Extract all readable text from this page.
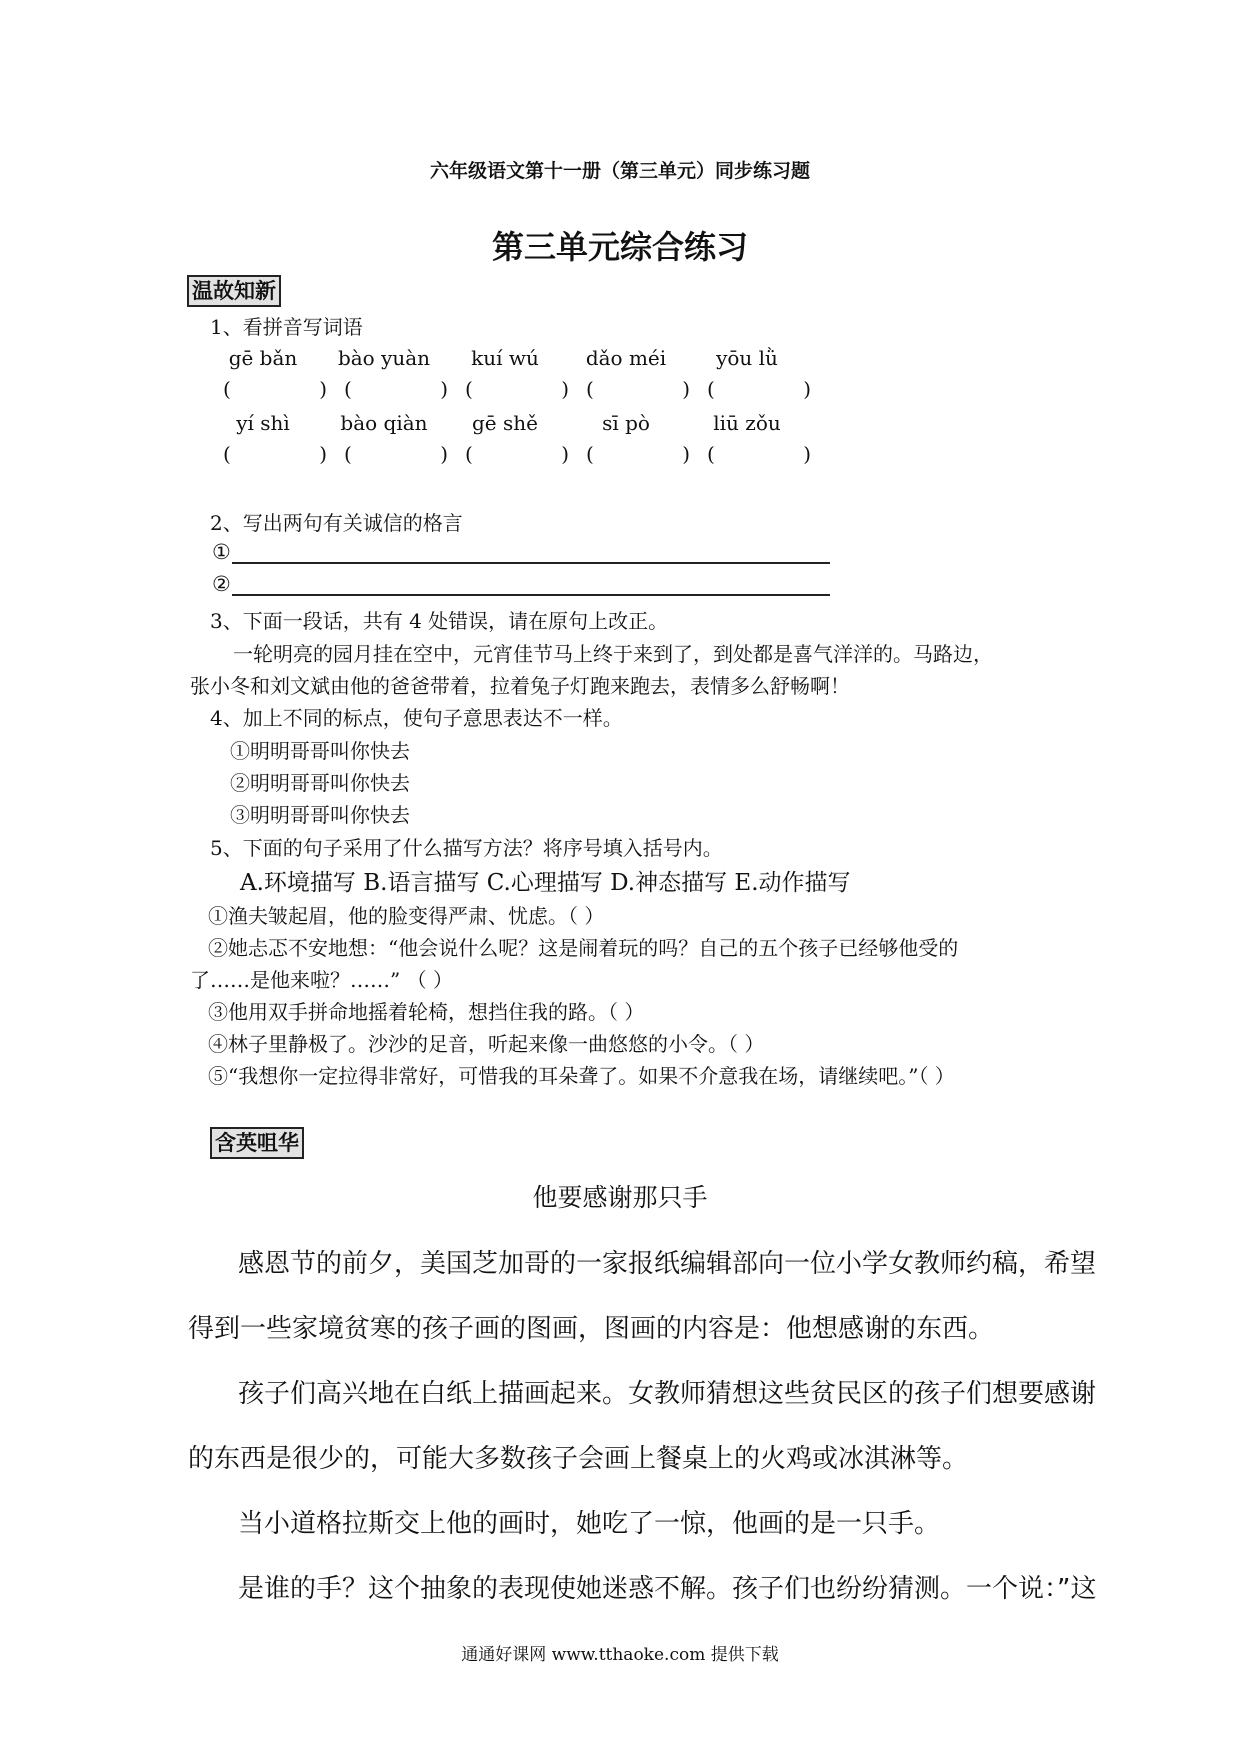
六年级语文第十一册（第三单元）同步练习题
第三单元综合练习
温故知新
1、看拼音写词语
gē bǎn	bào yuàn	kuí wú	dǎo méi	yōu lǜ
(	) (	) (	) (	) (	)
yí shì	bào qiàn	gē shě	sī pò	liū zǒu
(	) (	) (	) (	) (	)
2、写出两句有关诚信的格言
①
②
3、下面一段话，共有 4 处错误，请在原句上改正。
一轮明亮的园月挂在空中，元宵佳节马上终于来到了，到处都是喜气洋洋的。马路边，
张小冬和刘文斌由他的爸爸带着，拉着兔子灯跑来跑去，表情多么舒畅啊！
4、加上不同的标点，使句子意思表达不一样。
①明明哥哥叫你快去
②明明哥哥叫你快去
③明明哥哥叫你快去
5、下面的句子采用了什么描写方法？将序号填入括号内。
A.环境描写 B.语言描写 C.心理描写 D.神态描写 E.动作描写
①渔夫皱起眉，他的脸变得严肃、忧虑。（ ）
②她忐忑不安地想：“他会说什么呢？这是闹着玩的吗？自己的五个孩子已经够他受的
了……是他来啦？……” （ ）
③他用双手拼命地摇着轮椅，想挡住我的路。（ ）
④林子里静极了。沙沙的足音，听起来像一曲悠悠的小令。（ ）
⑤“我想你一定拉得非常好，可惜我的耳朵聋了。如果不介意我在场，请继续吧。”（ ）
含英咀华
他要感谢那只手
感恩节的前夕，美国芝加哥的一家报纸编辑部向一位小学女教师约稿，希望
得到一些家境贫寒的孩子画的图画，图画的内容是：他想感谢的东西。
孩子们高兴地在白纸上描画起来。女教师猜想这些贫民区的孩子们想要感谢
的东西是很少的，可能大多数孩子会画上餐桌上的火鸡或冰淇淋等。
当小道格拉斯交上他的画时，她吃了一惊，他画的是一只手。
是谁的手？这个抽象的表现使她迷惑不解。孩子们也纷纷猜测。一个说：”这
通通好课网 www.tthaoke.com 提供下载
